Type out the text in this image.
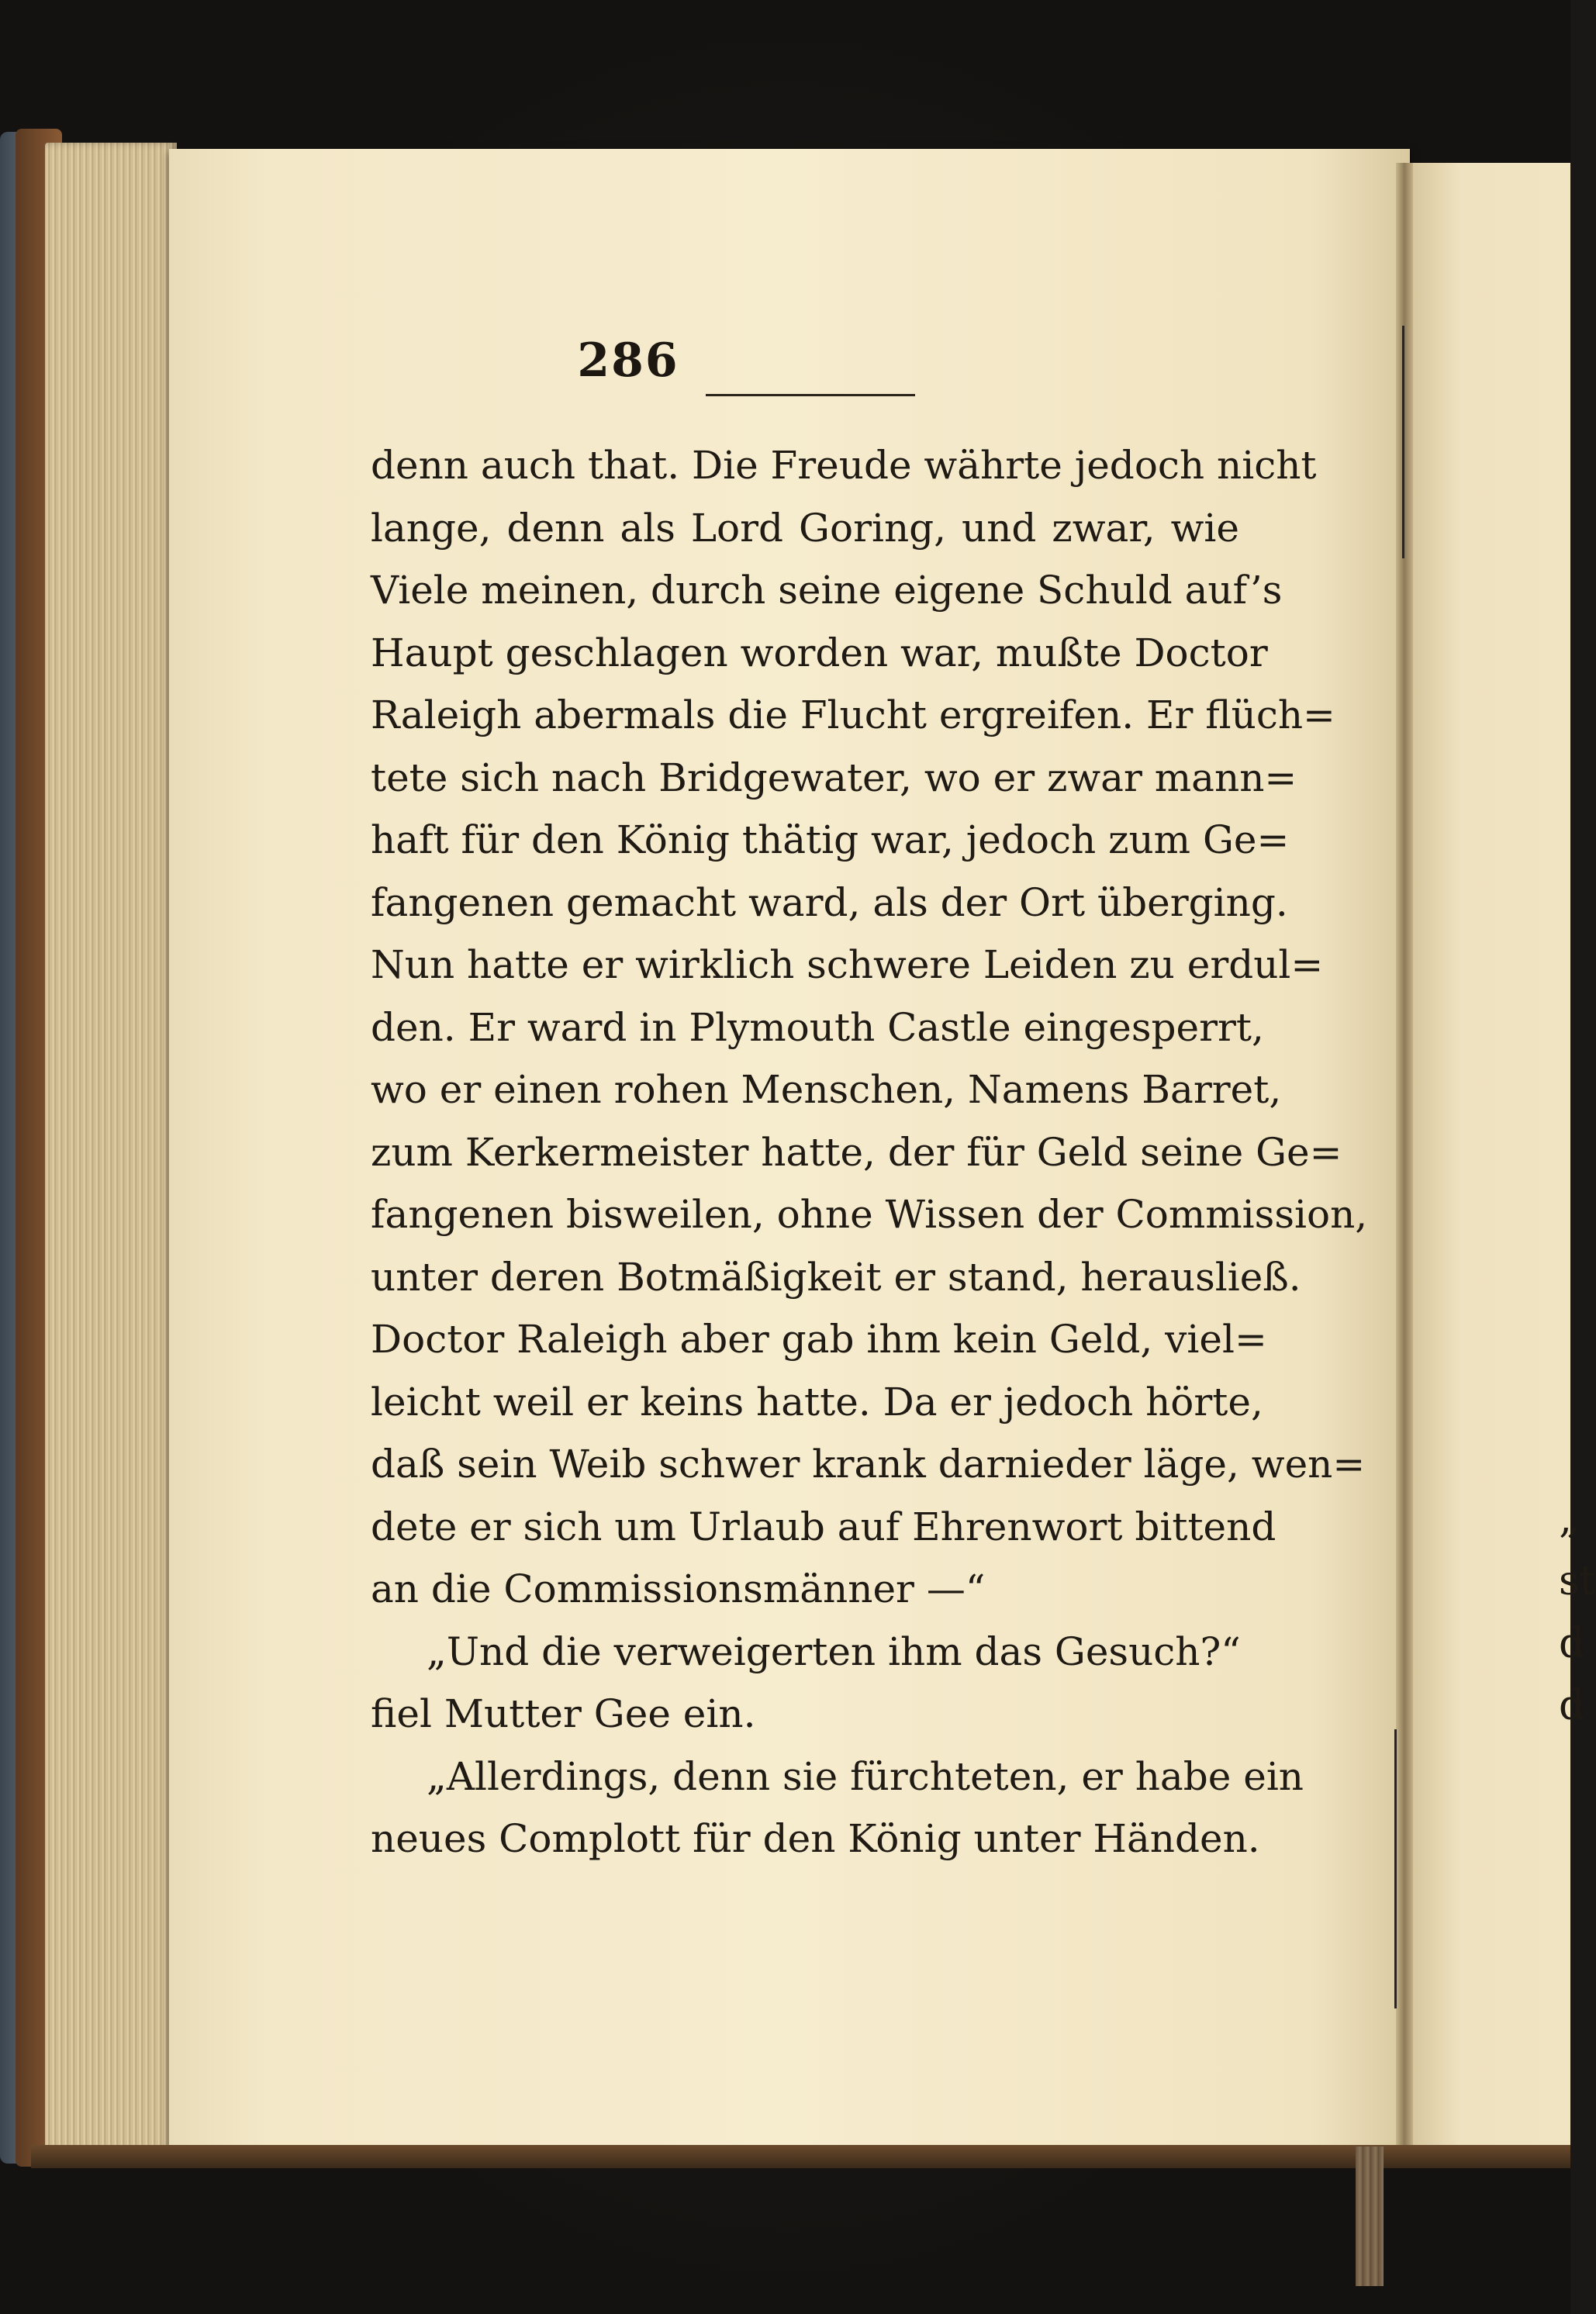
286
denn auch that. Die Freude währte jedoch nicht
lange, denn als Lord Goring, und zwar, wie
Viele meinen, durch seine eigene Schuld auf’s
Haupt geschlagen worden war, mußte Doctor
Raleigh abermals die Flucht ergreifen. Er flüch=
tete sich nach Bridgewater, wo er zwar mann=
haft für den König thätig war, jedoch zum Ge=
fangenen gemacht ward, als der Ort überging.
Nun hatte er wirklich schwere Leiden zu erdul=
den. Er ward in Plymouth Castle eingesperrt,
wo er einen rohen Menschen, Namens Barret,
zum Kerkermeister hatte, der für Geld seine Ge=
fangenen bisweilen, ohne Wissen der Commission,
unter deren Botmäßigkeit er stand, herausließ.
Doctor Raleigh aber gab ihm kein Geld, viel=
leicht weil er keins hatte. Da er jedoch hörte,
daß sein Weib schwer krank darnieder läge, wen=
dete er sich um Urlaub auf Ehrenwort bittend
an die Commissionsmänner —“
„Und die verweigerten ihm das Gesuch?“
fiel Mutter Gee ein.
„Allerdings, denn sie fürchteten, er habe ein
neues Complott für den König unter Händen.
„
st
d
d
